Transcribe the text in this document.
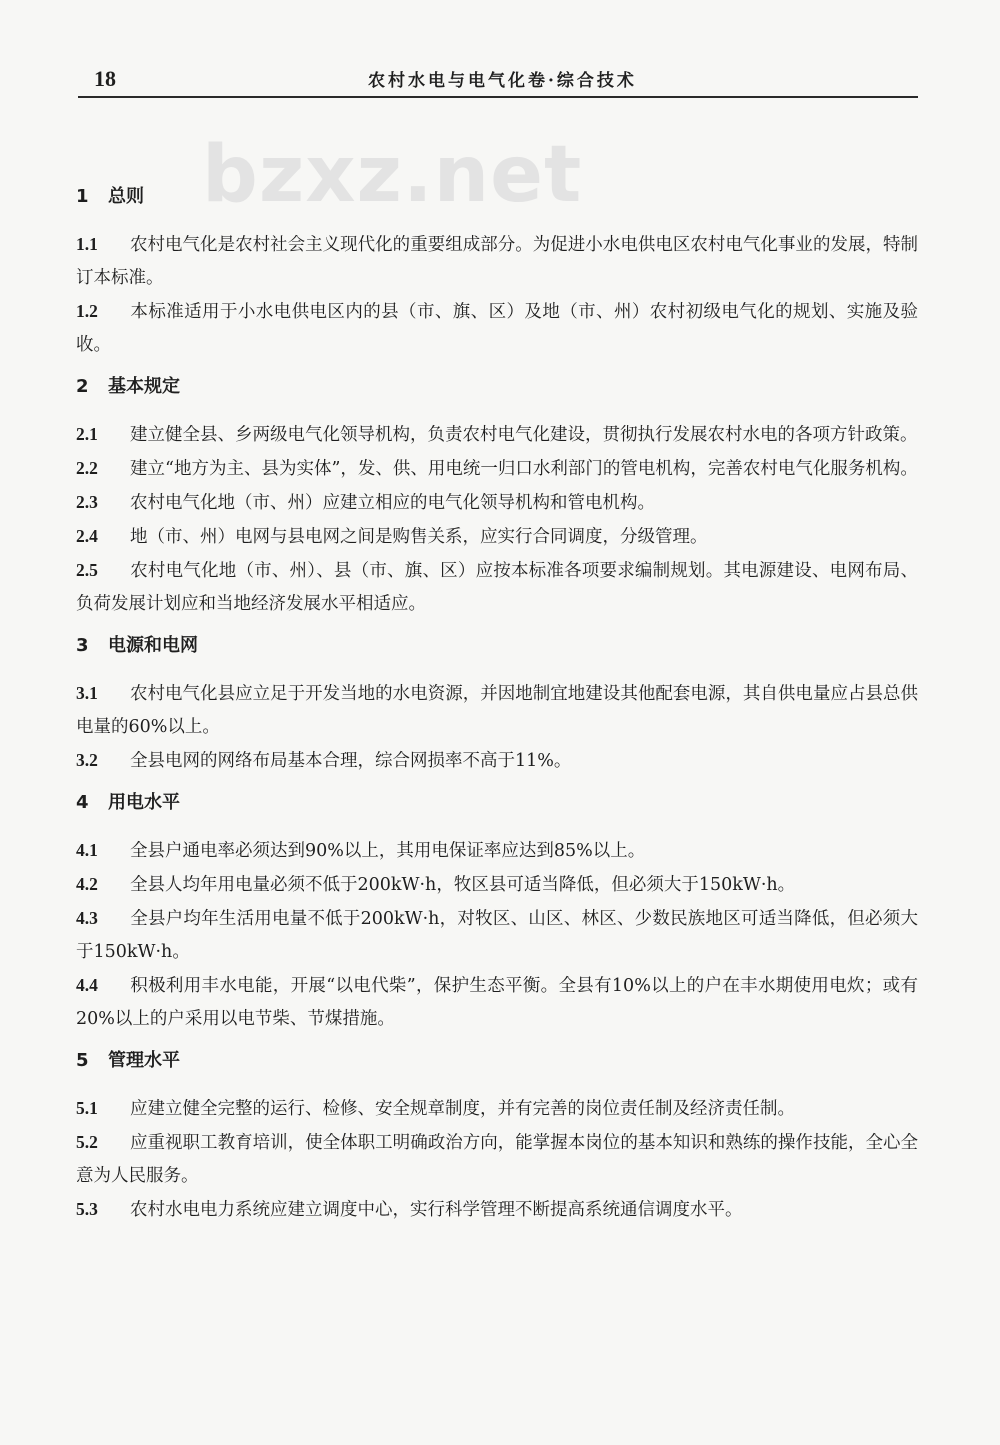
18	农村水电与电气化卷·综合技术
bzxz.net
1 总则

1.1 农村电气化是农村社会主义现代化的重要组成部分。为促进小水电供电区农村电气化事业的发展，特制订本标准。

1.2 本标准适用于小水电供电区内的县（市、旗、区）及地（市、州）农村初级电气化的规划、实施及验收。

2 基本规定

2.1 建立健全县、乡两级电气化领导机构，负责农村电气化建设，贯彻执行发展农村水电的各项方针政策。

2.2 建立“地方为主、县为实体”，发、供、用电统一归口水利部门的管电机构，完善农村电气化服务机构。

2.3 农村电气化地（市、州）应建立相应的电气化领导机构和管电机构。

2.4 地（市、州）电网与县电网之间是购售关系，应实行合同调度，分级管理。

2.5 农村电气化地（市、州）、县（市、旗、区）应按本标准各项要求编制规划。其电源建设、电网布局、负荷发展计划应和当地经济发展水平相适应。

3 电源和电网

3.1 农村电气化县应立足于开发当地的水电资源，并因地制宜地建设其他配套电源，其自供电量应占县总供电量的60%以上。

3.2 全县电网的网络布局基本合理，综合网损率不高于11%。

4 用电水平

4.1 全县户通电率必须达到90%以上，其用电保证率应达到85%以上。

4.2 全县人均年用电量必须不低于200kW·h，牧区县可适当降低，但必须大于150kW·h。

4.3 全县户均年生活用电量不低于200kW·h，对牧区、山区、林区、少数民族地区可适当降低，但必须大于150kW·h。

4.4 积极利用丰水电能，开展“以电代柴”，保护生态平衡。全县有10%以上的户在丰水期使用电炊；或有20%以上的户采用以电节柴、节煤措施。

5 管理水平

5.1 应建立健全完整的运行、检修、安全规章制度，并有完善的岗位责任制及经济责任制。

5.2 应重视职工教育培训，使全体职工明确政治方向，能掌握本岗位的基本知识和熟练的操作技能，全心全意为人民服务。

5.3 农村水电电力系统应建立调度中心，实行科学管理不断提高系统通信调度水平。
